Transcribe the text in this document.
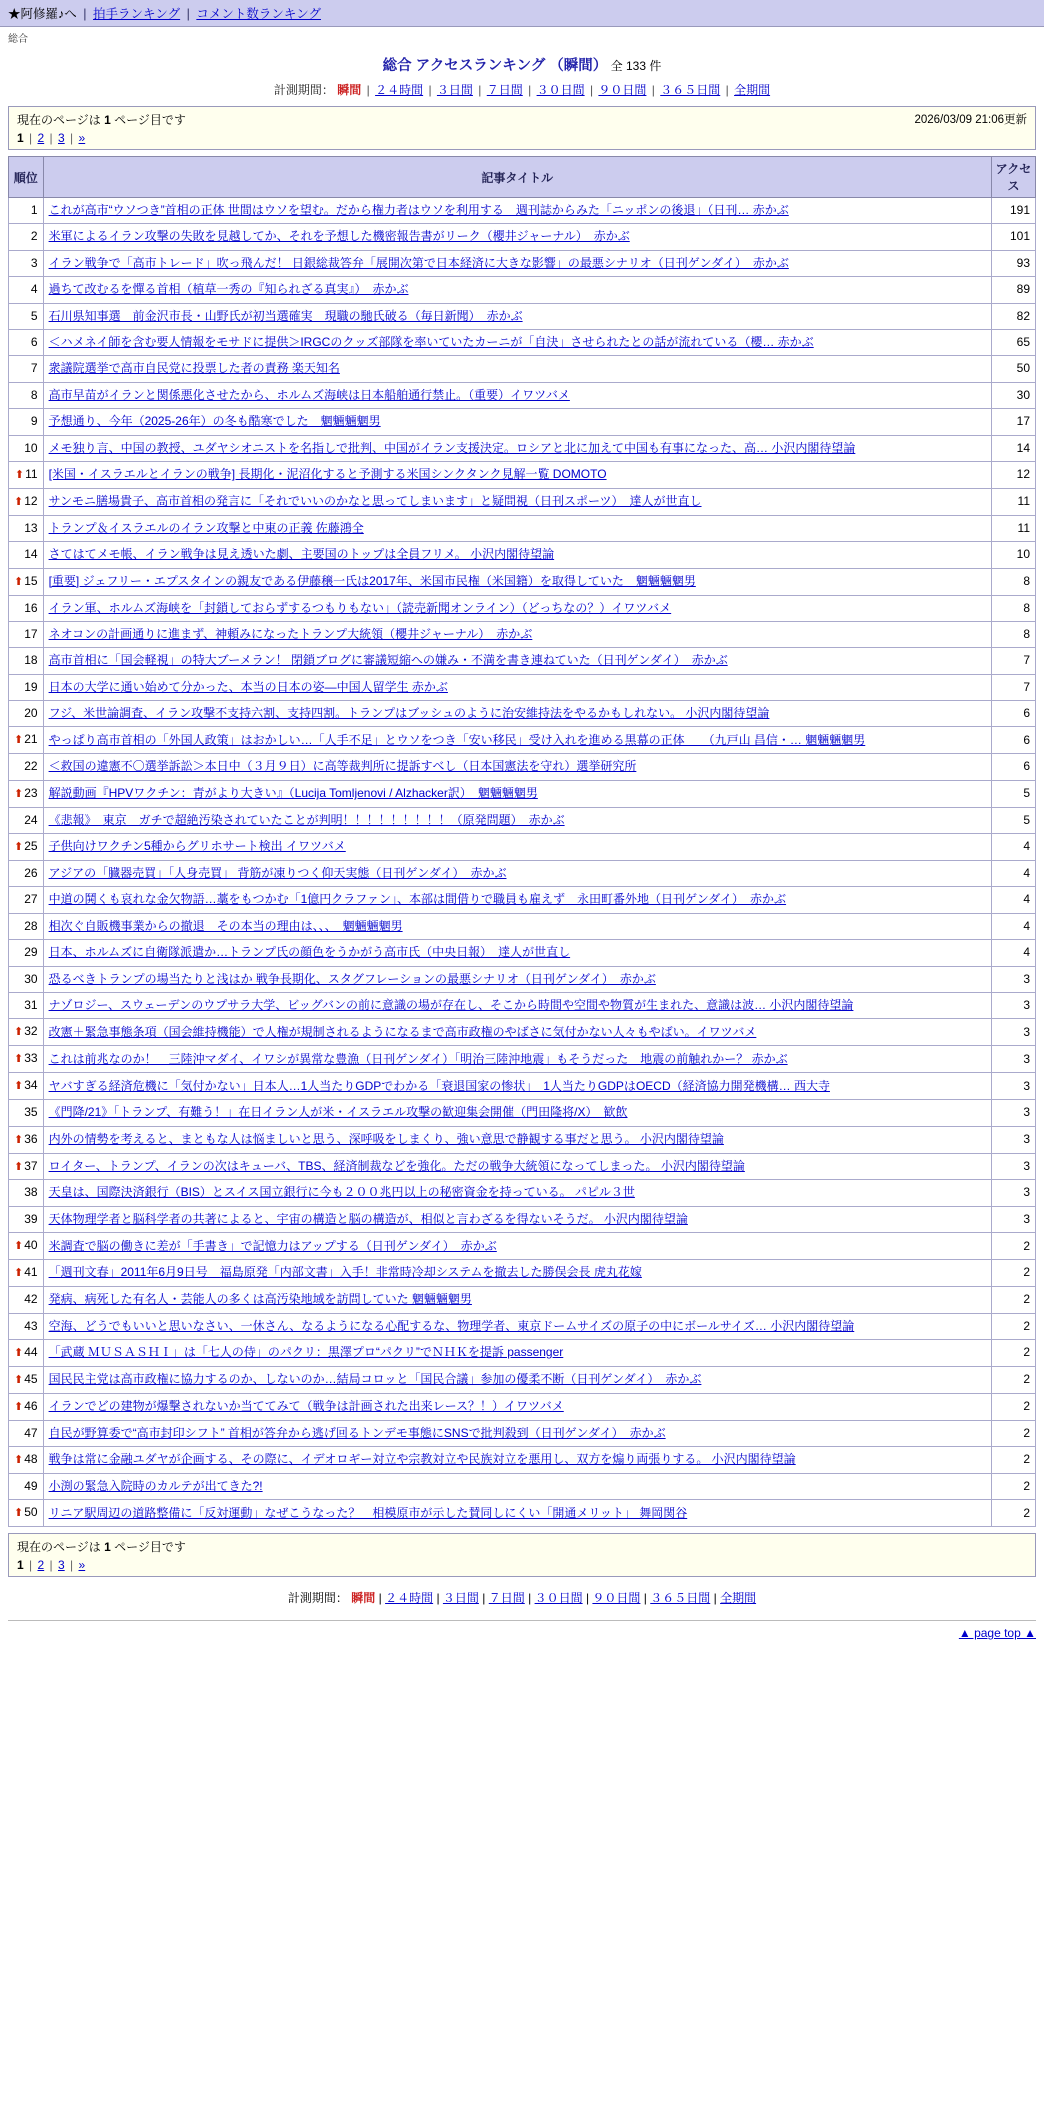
★阿修羅♪へ | 拍手ランキング | コメント数ランキング
総合
総合 アクセスランキング （瞬間） 全 133 件
計測期間： 瞬間 | ２４時間 | ３日間 | ７日間 | ３０日間 | ９０日間 | ３６５日間 | 全期間
2026/03/09 21:06更新
現在のページは 1 ページ目です
1 | 2 | 3 | »
順位	記事タイトル	アクセス
1	これが高市“ウソつき”首相の正体 世間はウソを望む。だから権力者はウソを利用する　週刊誌からみた「ニッポンの後退」（日刊… 赤かぶ	191
2	米軍によるイラン攻撃の失敗を見越してか、それを予想した機密報告書がリーク（櫻井ジャーナル）　赤かぶ	101
3	イラン戦争で「高市トレード」吹っ飛んだ！ 日銀総裁答弁「展開次第で日本経済に大きな影響」の最悪シナリオ（日刊ゲンダイ）　赤かぶ	93
4	過ちて改むるを憚る首相（植草一秀の『知られざる真実』）　赤かぶ	89
5	石川県知事選　前金沢市長・山野氏が初当選確実　現職の馳氏破る（毎日新聞）　赤かぶ	82
6	＜ハメネイ師を含む要人情報をモサドに提供＞IRGCのクッズ部隊を率いていたカーニが「自決」させられたとの話が流れている（櫻… 赤かぶ	65
7	衆議院選挙で高市自民党に投票した者の責務 楽天知名	50
8	高市早苗がイランと関係悪化させたから、ホルムズ海峡は日本船舶通行禁止。（重要）イワツバメ	30
9	予想通り、今年（2025-26年）の冬も酷寒でした　魍魎魎魍男	17
10	メモ独り言、中国の教授、ユダヤシオニストを名指しで批判、中国がイラン支援決定。ロシアと北に加えて中国も有事になった、高… 小沢内閣待望論	14
⬆11	[米国・イスラエルとイランの戦争] 長期化・泥沼化すると予測する米国シンクタンク見解一覧 DOMOTO	12
⬆12	サンモニ膳場貴子、高市首相の発言に「それでいいのかなと思ってしまいます」と疑問視（日刊スポーツ）　達人が世直し	11
13	トランプ＆イスラエルのイラン攻撃と中東の正義 佐藤鴻全	11
14	さてはてメモ帳、イラン戦争は見え透いた劇、主要国のトップは全員フリメ。 小沢内閣待望論	10
⬆15	[重要] ジェフリー・エプスタインの親友である伊藤穣一氏は2017年、米国市民権（米国籍）を取得していた　魍魎魎魍男	8
16	イラン軍、ホルムズ海峡を「封鎖しておらずするつもりもない」（読売新聞オンライン）（どっちなの？）イワツバメ	8
17	ネオコンの計画通りに進まず、神頼みになったトランプ大統領（櫻井ジャーナル）　赤かぶ	8
18	高市首相に「国会軽視」の特大ブーメラン！ 閉鎖ブログに審議短縮への嫌み・不満を書き連ねていた（日刊ゲンダイ）　赤かぶ	7
19	日本の大学に通い始めて分かった、本当の日本の姿―中国人留学生 赤かぶ	7
20	フジ、米世論調査、イラン攻撃不支持六割、支持四割。トランプはブッシュのように治安維持法をやるかもしれない。 小沢内閣待望論	6
⬆21	やっぱり高市首相の「外国人政策」はおかしい…「人手不足」とウソをつき「安い移民」受け入れを進める黒幕の正体　　（九戸山 昌信・… 魍魎魎魍男	6
22	＜救国の違憲不〇選挙訴訟＞本日中（３月９日）に高等裁判所に提訴すべし（日本国憲法を守れ）選挙研究所	6
⬆23	解説動画『HPVワクチン：青がより大きい』（Lucija Tomljenovi / Alzhacker訳）　魍魎魎魍男	5
24	《悲報》　東京　ガチで超絶汚染されていたことが判明！！！！！！！！！（原発問題）　赤かぶ	5
⬆25	子供向けワクチン5種からグリホサート検出 イワツバメ	4
26	アジアの「臓器売買」「人身売買」 背筋が凍りつく仰天実態（日刊ゲンダイ）　赤かぶ	4
27	中道の鬨くも哀れな金欠物語…藁をもつかむ「1億円クラファン」、本部は間借りで職員も雇えず　永田町番外地（日刊ゲンダイ）　赤かぶ	4
28	相次ぐ自販機事業からの撤退　その本当の理由は、、、　魍魎魎魍男	4
29	日本、ホルムズに自衛隊派遣か…トランプ氏の顔色をうかがう高市氏（中央日報）　達人が世直し	4
30	恐るべきトランプの場当たりと浅はか 戦争長期化、スタグフレーションの最悪シナリオ（日刊ゲンダイ）　赤かぶ	3
31	ナゾロジー、スウェーデンのウプサラ大学、ビッグバンの前に意識の場が存在し、そこから時間や空間や物質が生まれた、意識は波… 小沢内閣待望論	3
⬆32	改憲＋緊急事態条項（国会維持機能）で人権が規制されるようになるまで高市政権のやばさに気付かない人々もやばい。イワツバメ	3
⬆33	これは前兆なのか！　三陸沖マダイ、イワシが異常な豊漁（日刊ゲンダイ）「明治三陸沖地震」もそうだった　地震の前触れかー？ 赤かぶ	3
⬆34	ヤバすぎる経済危機に「気付かない」日本人…1人当たりGDPでわかる「衰退国家の惨状」　1人当たりGDPはOECD（経済協力開発機構… 西大寺	3
35	《門降/21》「トランプ、有難う！」在日イラン人が米・イスラエル攻撃の歓迎集会開催（門田隆将/X）　歓飲	3
⬆36	内外の情勢を考えると、まともな人は悩ましいと思う、深呼吸をしまくり、強い意思で静観する事だと思う。 小沢内閣待望論	3
⬆37	ロイター、トランプ、イランの次はキューバ、TBS、経済制裁などを強化。ただの戦争大統領になってしまった。 小沢内閣待望論	3
38	天皇は、国際決済銀行（BIS）とスイス国立銀行に今も２００兆円以上の秘密資金を持っている。 パピル３世	3
39	天体物理学者と脳科学者の共著によると、宇宙の構造と脳の構造が、相似と言わざるを得ないそうだ。 小沢内閣待望論	3
⬆40	米調査で脳の働きに差が「手書き」で記憶力はアップする（日刊ゲンダイ）　赤かぶ	2
⬆41	「週刊文春」2011年6月9日号　福島原発「内部文書」入手！非常時冷却システムを撤去した勝俣会長 虎丸花嫁	2
42	発病、病死した有名人・芸能人の多くは高汚染地域を訪問していた 魍魎魎魍男	2
43	空海、どうでもいいと思いなさい、一休さん、なるようになる心配するな、物理学者、東京ドームサイズの原子の中にボールサイズ… 小沢内閣待望論	2
⬆44	「武蔵 ＭＵＳＡＳＨＩ」は「七人の侍」のパクリ：黒澤プロ“パクリ”でＮＨＫを提訴 passenger	2
⬆45	国民民主党は高市政権に協力するのか、しないのか…結局コロッと「国民合議」参加の優柔不断（日刊ゲンダイ）　赤かぶ	2
⬆46	イランでどの建物が爆撃されないか当ててみて（戦争は計画された出来レース？！）イワツバメ	2
47	自民が野算委で“高市封印シフト” 首相が答弁から逃げ回るトンデモ事態にSNSで批判殺到（日刊ゲンダイ）　赤かぶ	2
⬆48	戦争は常に金融ユダヤが企画する、その際に、イデオロギー対立や宗教対立や民族対立を悪用し、双方を煽り両張りする。 小沢内閣待望論	2
49	小渕の緊急入院時のカルテが出てきた?!	2
⬆50	リニア駅周辺の道路整備に「反対運動」なぜこうなった？　相模原市が示した賛同しにくい「開通メリット」 舞岡関谷	2
現在のページは 1 ページ目です
1 | 2 | 3 | »
計測期間： 瞬間 | ２４時間 | ３日間 | ７日間 | ３０日間 | ９０日間 | ３６５日間 | 全期間
▲ page top ▲
